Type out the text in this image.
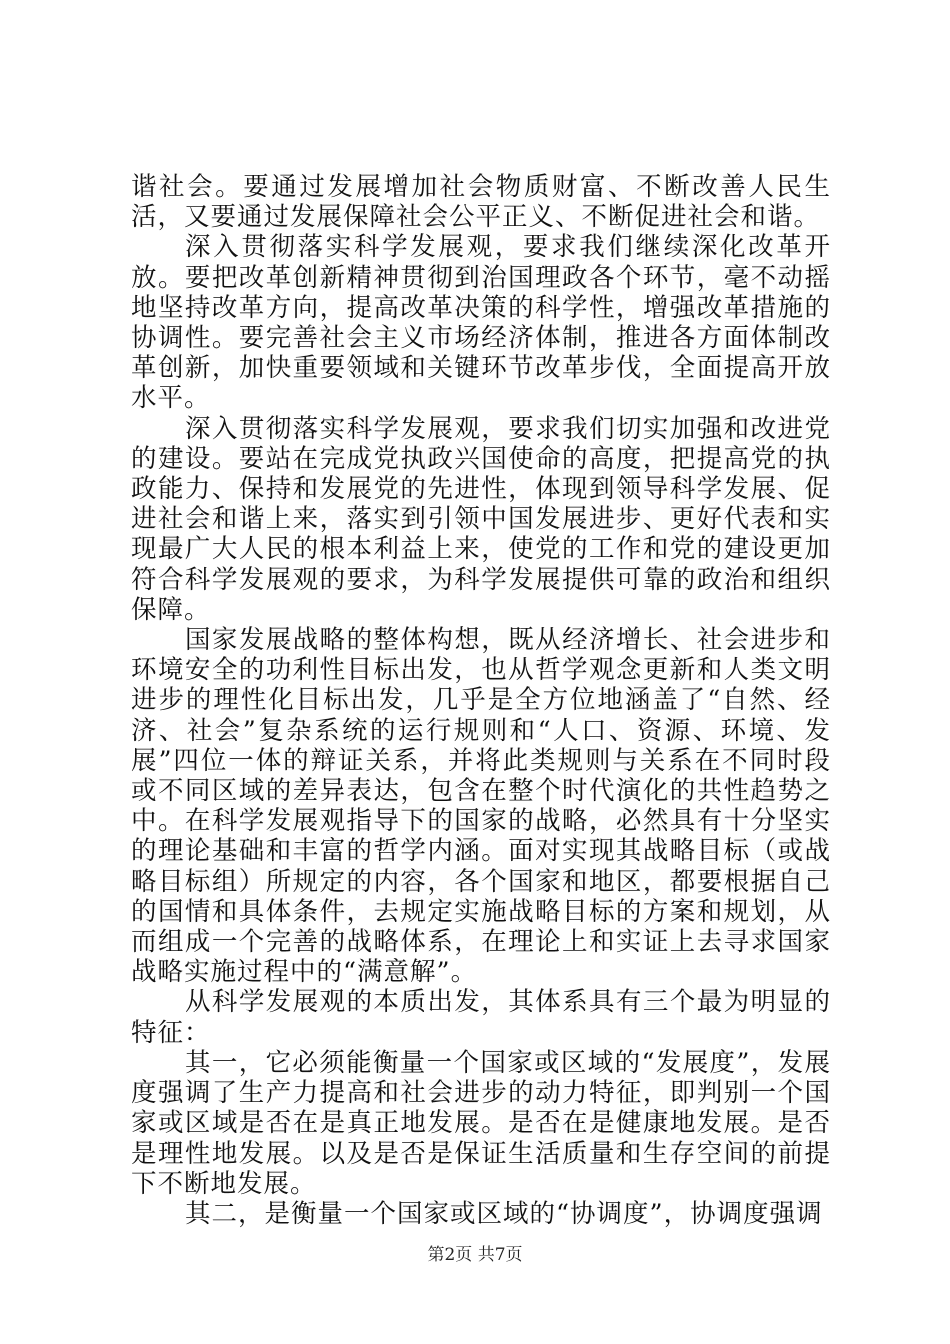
谐社会。要通过发展增加社会物质财富、不断改善人民生活，又要通过发展保障社会公平正义、不断促进社会和谐。

深入贯彻落实科学发展观，要求我们继续深化改革开放。要把改革创新精神贯彻到治国理政各个环节，毫不动摇地坚持改革方向，提高改革决策的科学性，增强改革措施的协调性。要完善社会主义市场经济体制，推进各方面体制改革创新，加快重要领域和关键环节改革步伐，全面提高开放水平。

深入贯彻落实科学发展观，要求我们切实加强和改进党的建设。要站在完成党执政兴国使命的高度，把提高党的执政能力、保持和发展党的先进性，体现到领导科学发展、促进社会和谐上来，落实到引领中国发展进步、更好代表和实现最广大人民的根本利益上来，使党的工作和党的建设更加符合科学发展观的要求，为科学发展提供可靠的政治和组织保障。

国家发展战略的整体构想，既从经济增长、社会进步和环境安全的功利性目标出发，也从哲学观念更新和人类文明进步的理性化目标出发，几乎是全方位地涵盖了“自然、经济、社会”复杂系统的运行规则和“人口、资源、环境、发展”四位一体的辩证关系，并将此类规则与关系在不同时段或不同区域的差异表达，包含在整个时代演化的共性趋势之中。在科学发展观指导下的国家的战略，必然具有十分坚实的理论基础和丰富的哲学内涵。面对实现其战略目标（或战略目标组）所规定的内容，各个国家和地区，都要根据自己的国情和具体条件，去规定实施战略目标的方案和规划，从而组成一个完善的战略体系，在理论上和实证上去寻求国家战略实施过程中的“满意解”。

从科学发展观的本质出发，其体系具有三个最为明显的特征：

其一，它必须能衡量一个国家或区域的“发展度”，发展度强调了生产力提高和社会进步的动力特征，即判别一个国家或区域是否在是真正地发展。是否在是健康地发展。是否是理性地发展。以及是否是保证生活质量和生存空间的前提下不断地发展。

其二，是衡量一个国家或区域的“协调度”，协调度强调

第2页 共7页
